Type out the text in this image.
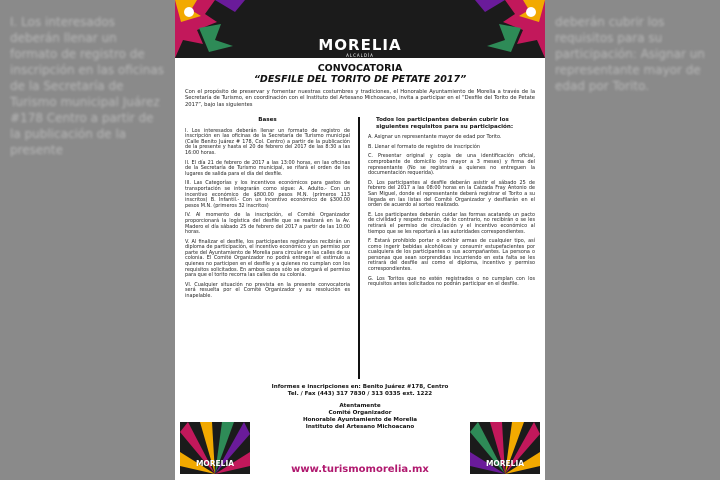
I. Los interesados deberán llenar un formato de registro de inscripción en las oficinas de la Secretaría de Turismo municipal Juárez #178 Centro a partir de la publicación de la presente
deberán cubrir los requisitos para su participación: Asignar un representante mayor de edad por Torito.
MORELIA
ALCALDÍA
CONVOCATORIA
“DESFILE DEL TORITO DE PETATE 2017”
Con el propósito de preservar y fomentar nuestras costumbres y tradiciones, el Honorable Ayuntamiento de Morelia a través de la Secretaría de Turismo, en coordinación con el Instituto del Artesano Michoacano, invita a participar en el “Desfile del Torito de Petate 2017”, bajo las siguientes
Bases

I. Los interesados deberán llenar un formato de registro de inscripción en las oficinas de la Secretaría de Turismo municipal (Calle Benito Juárez # 178, Col. Centro) a partir de la publicación de la presente y hasta el 20 de febrero del 2017 de las 8:30 a las 16:00 horas.

II. El día 21 de febrero de 2017 a las 13:00 horas, en las oficinas de la Secretaría de Turismo municipal, se rifará el orden de los lugares de salida para el día del desfile.

III. Las Categorías y los incentivos económicos para gastos de transportación se integrarán como sigue: A. Adulto.- Con un incentivo económico de $800.00 pesos M.N. (primeros 113 inscritos) B. Infantil.- Con un incentivo económico de $300.00 pesos M.N. (primeros 32 inscritos)

IV. Al momento de la inscripción, el Comité Organizador proporcionará la logística del desfile que se realizará en la Av. Madero el día sábado 25 de febrero del 2017 a partir de las 10:00 horas.

V. Al finalizar el desfile, los participantes registrados recibirán un diploma de participación, el incentivo económico y un permiso por parte del Ayuntamiento de Morelia para circular en las calles de su colonia. El Comité Organizador no podrá entregar el estímulo a quienes no participen en el desfile y a quienes no cumplan con los requisitos solicitados. En ambos casos sólo se otorgará el permiso para que el torito recorra las calles de su colonia.

VI. Cualquier situación no prevista en la presente convocatoria será resuelta por el Comité Organizador y su resolución es inapelable.

Todos los participantes deberán cubrir los siguientes requisitos para su participación:

A. Asignar un representante mayor de edad por Torito.

B. Llenar el formato de registro de inscripción

C. Presentar original y copia de una identificación oficial, comprobante de domicilio (no mayor a 3 meses) y firma del representante (No se registrará a quienes no entreguen la documentación requerida).

D. Los participantes al desfile deberán asistir el sábado 25 de febrero del 2017 a las 08:00 horas en la Calzada Fray Antonio de San Miguel, donde el representante deberá registrar el Torito a su llegada en las listas del Comité Organizador y desfilarán en el orden de acuerdo al sorteo realizado.

E. Los participantes deberán cuidar las formas acatando un pacto de civilidad y respeto mutuo, de lo contrario, no recibirán o se les retirará el permiso de circulación y el incentivo económico al tiempo que se les reportará a las autoridades correspondientes.

F. Estará prohibido portar o exhibir armas de cualquier tipo, así como ingerir bebidas alcohólicas y consumir estupefacientes por cualquiera de los participantes o sus acompañantes. La persona o personas que sean sorprendidas incurriendo en esta falta se les retirará del desfile así como el diploma, incentivo y permiso correspondientes.

G. Los Toritos que no estén registrados o no cumplan con los requisitos antes solicitados no podrán participar en el desfile.

Informes e inscripciones en: Benito Juárez #178, Centro
Tel. / Fax (443) 317 7830 / 313 0335 ext. 1222
Atentamente
Comité Organizador
Honorable Ayuntamiento de Morelia
Instituto del Artesano Michoacano
www.turismomorelia.mx
MORELIA	MORELIA
